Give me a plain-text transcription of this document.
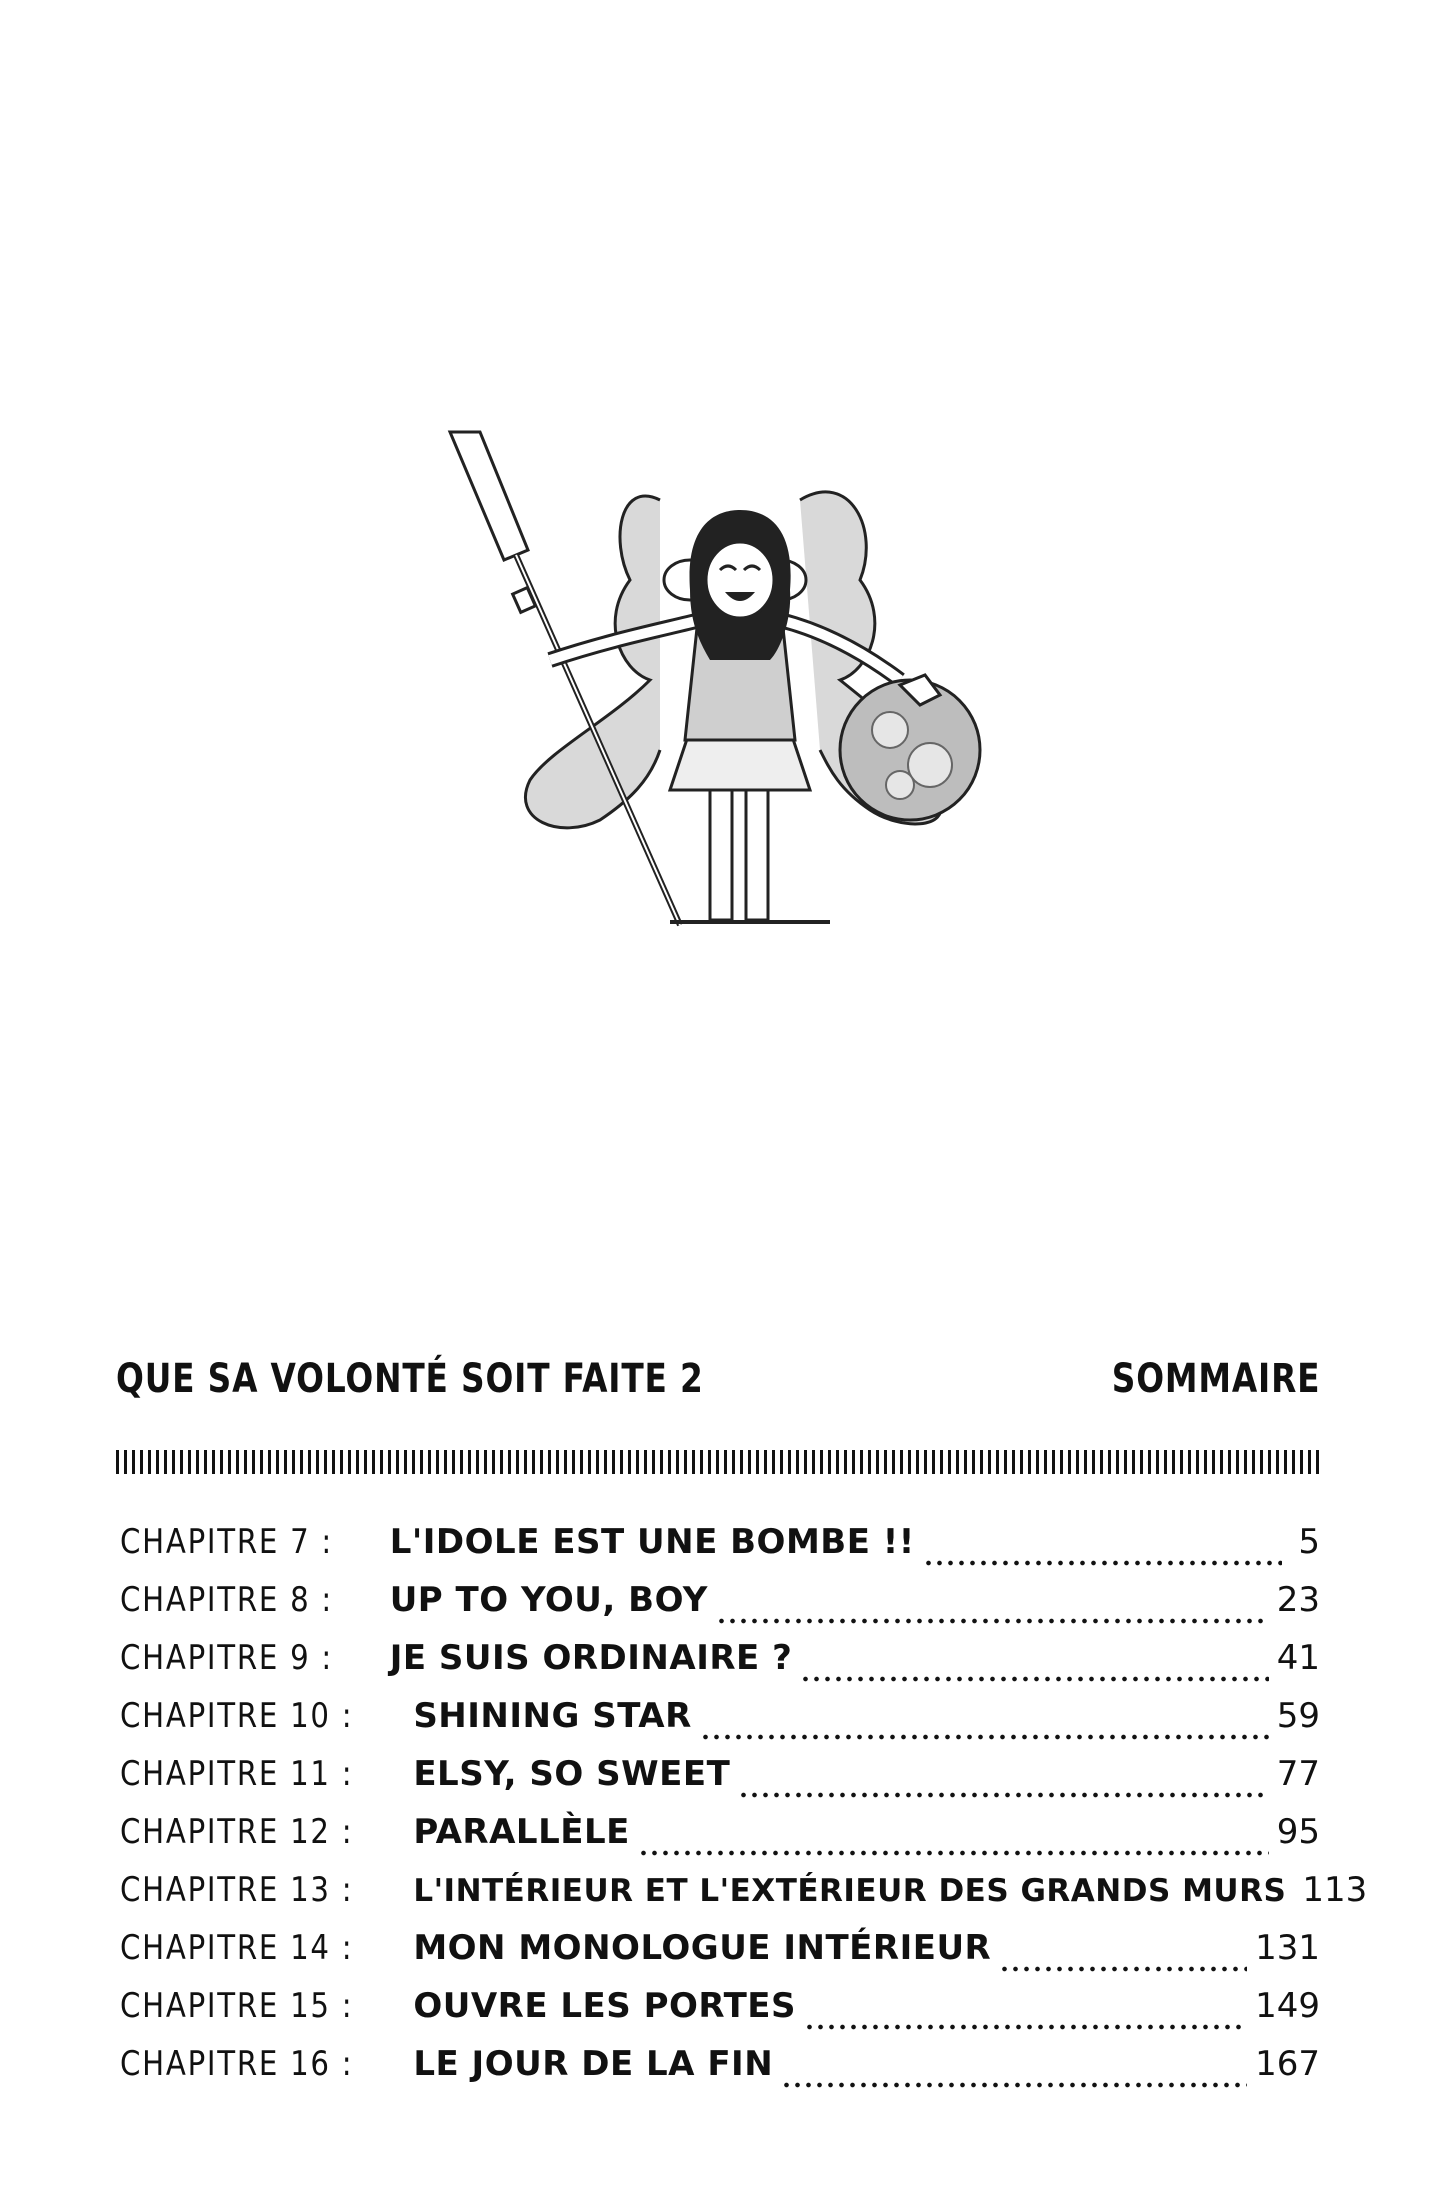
QUE SA VOLONTÉ SOIT FAITE 2	SOMMAIRE
CHAPITRE 7 : L'IDOLE EST UNE BOMBE !!	5
CHAPITRE 8 : UP TO YOU, BOY	23
CHAPITRE 9 : JE SUIS ORDINAIRE ?	41
CHAPITRE 10 : SHINING STAR	59
CHAPITRE 11 : ELSY, SO SWEET	77
CHAPITRE 12 : PARALLÈLE	95
CHAPITRE 13 : L'INTÉRIEUR ET L'EXTÉRIEUR DES GRANDS MURS 113
CHAPITRE 14 : MON MONOLOGUE INTÉRIEUR	131
CHAPITRE 15 : OUVRE LES PORTES	149
CHAPITRE 16 : LE JOUR DE LA FIN	167
